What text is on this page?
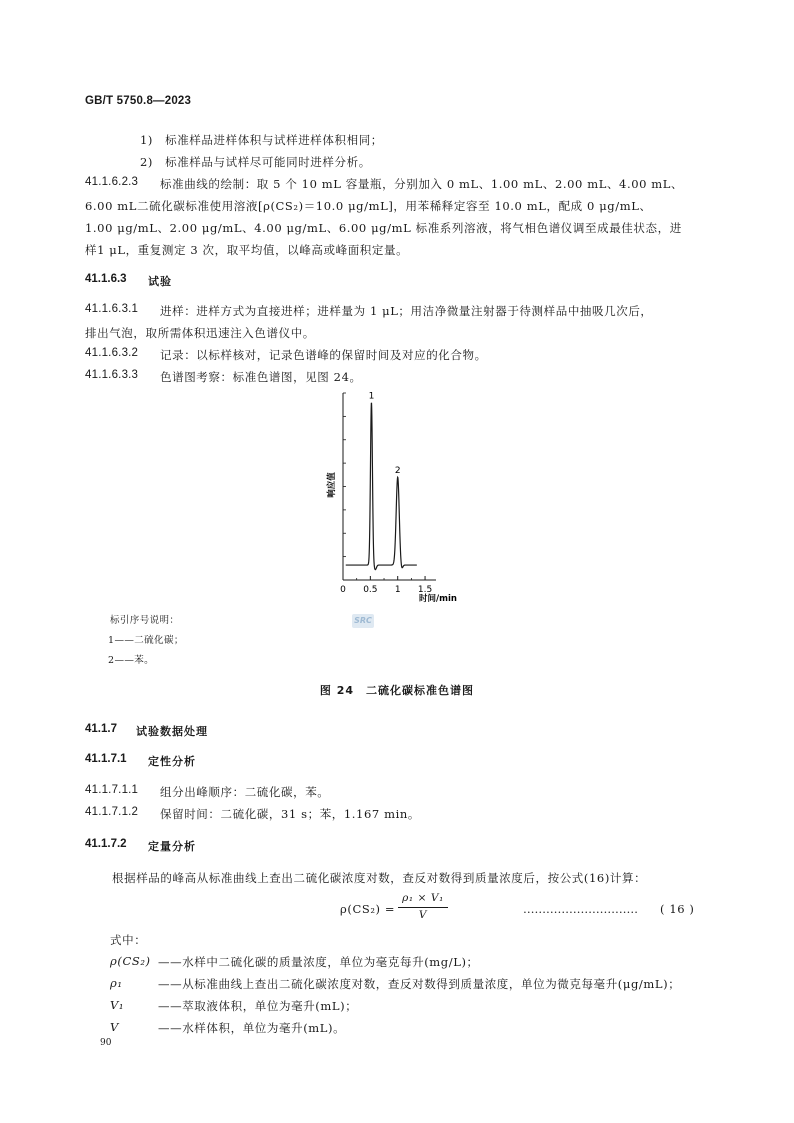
GB/T 5750.8—2023
1)　标准样品进样体积与试样进样体积相同；
2)　标准样品与试样尽可能同时进样分析。
41.1.6.2.3 标准曲线的绘制：取 5 个 10 mL 容量瓶，分别加入 0 mL、1.00 mL、2.00 mL、4.00 mL、
6.00 mL二硫化碳标准使用溶液[ρ(CS₂)＝10.0 μg/mL]，用苯稀释定容至 10.0 mL，配成 0 μg/mL、
1.00 μg/mL、2.00 μg/mL、4.00 μg/mL、6.00 μg/mL 标准系列溶液，将气相色谱仪调至成最佳状态，进
样1 μL，重复测定 3 次，取平均值，以峰高或峰面积定量。
41.1.6.3 试验
41.1.6.3.1 进样：进样方式为直接进样；进样量为 1 μL；用洁净微量注射器于待测样品中抽吸几次后，
排出气泡，取所需体积迅速注入色谱仪中。
41.1.6.3.2 记录：以标样核对，记录色谱峰的保留时间及对应的化合物。
41.1.6.3.3 色谱图考察：标准色谱图，见图 24。
0 0.5 1 1.5
1
2
响应值
时间/min
SRC
标引序号说明：
1——二硫化碳；
2——苯。
图 24　二硫化碳标准色谱图
41.1.7 试验数据处理
41.1.7.1 定性分析
41.1.7.1.1 组分出峰顺序：二硫化碳，苯。
41.1.7.1.2 保留时间：二硫化碳，31 s；苯，1.167 min。
41.1.7.2 定量分析
根据样品的峰高从标准曲线上查出二硫化碳浓度对数，查反对数得到质量浓度后，按公式(16)计算：
ρ(CS₂) =
ρ₁ × V₁
V	………………………… ( 16 )
式中：
ρ(CS₂) ——水样中二硫化碳的质量浓度，单位为毫克每升(mg/L)；
ρ₁	——从标准曲线上查出二硫化碳浓度对数，查反对数得到质量浓度，单位为微克每毫升(μg/mL)；
V₁	——萃取液体积，单位为毫升(mL)；
V	——水样体积，单位为毫升(mL)。
90
